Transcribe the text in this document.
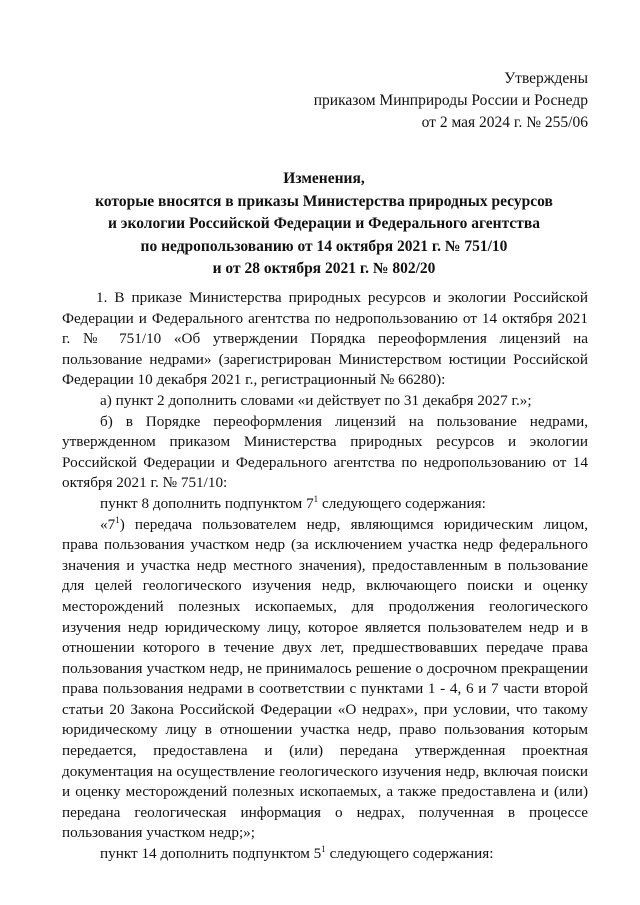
Утверждены
приказом Минприроды России и Роснедр
от 2 мая 2024 г. № 255/06
Изменения,
которые вносятся в приказы Министерства природных ресурсов
и экологии Российской Федерации и Федерального агентства
по недропользованию от 14 октября 2021 г. № 751/10
и от 28 октября 2021 г. № 802/20

1. В приказе Министерства природных ресурсов и экологии Российской Федерации и Федерального агентства по недропользованию от 14 октября 2021 г. № 751/10 «Об утверждении Порядка переоформления лицензий на пользование недрами» (зарегистрирован Министерством юстиции Российской Федерации 10 декабря 2021 г., регистрационный № 66280):

а) пункт 2 дополнить словами «и действует по 31 декабря 2027 г.»;

б) в Порядке переоформления лицензий на пользование недрами, утвержденном приказом Министерства природных ресурсов и экологии Российской Федерации и Федерального агентства по недропользованию от 14 октября 2021 г. № 751/10:

пункт 8 дополнить подпунктом $7^1$ следующего содержания:

«$7^1$) передача пользователем недр, являющимся юридическим лицом, права пользования участком недр (за исключением участка недр федерального значения и участка недр местного значения), предоставленным в пользование для целей геологического изучения недр, включающего поиски и оценку месторождений полезных ископаемых, для продолжения геологического изучения недр юридическому лицу, которое является пользователем недр и в отношении которого в течение двух лет, предшествовавших передаче права пользования участком недр, не принималось решение о досрочном прекращении права пользования недрами в соответствии с пунктами 1 - 4, 6 и 7 части второй статьи 20 Закона Российской Федерации «О недрах», при условии, что такому юридическому лицу в отношении участка недр, право пользования которым передается, предоставлена и (или) передана утвержденная проектная документация на осуществление геологического изучения недр, включая поиски и оценку месторождений полезных ископаемых, а также предоставлена и (или) передана геологическая информация о недрах, полученная в процессе пользования участком недр;»;

пункт 14 дополнить подпунктом $5^1$ следующего содержания:
